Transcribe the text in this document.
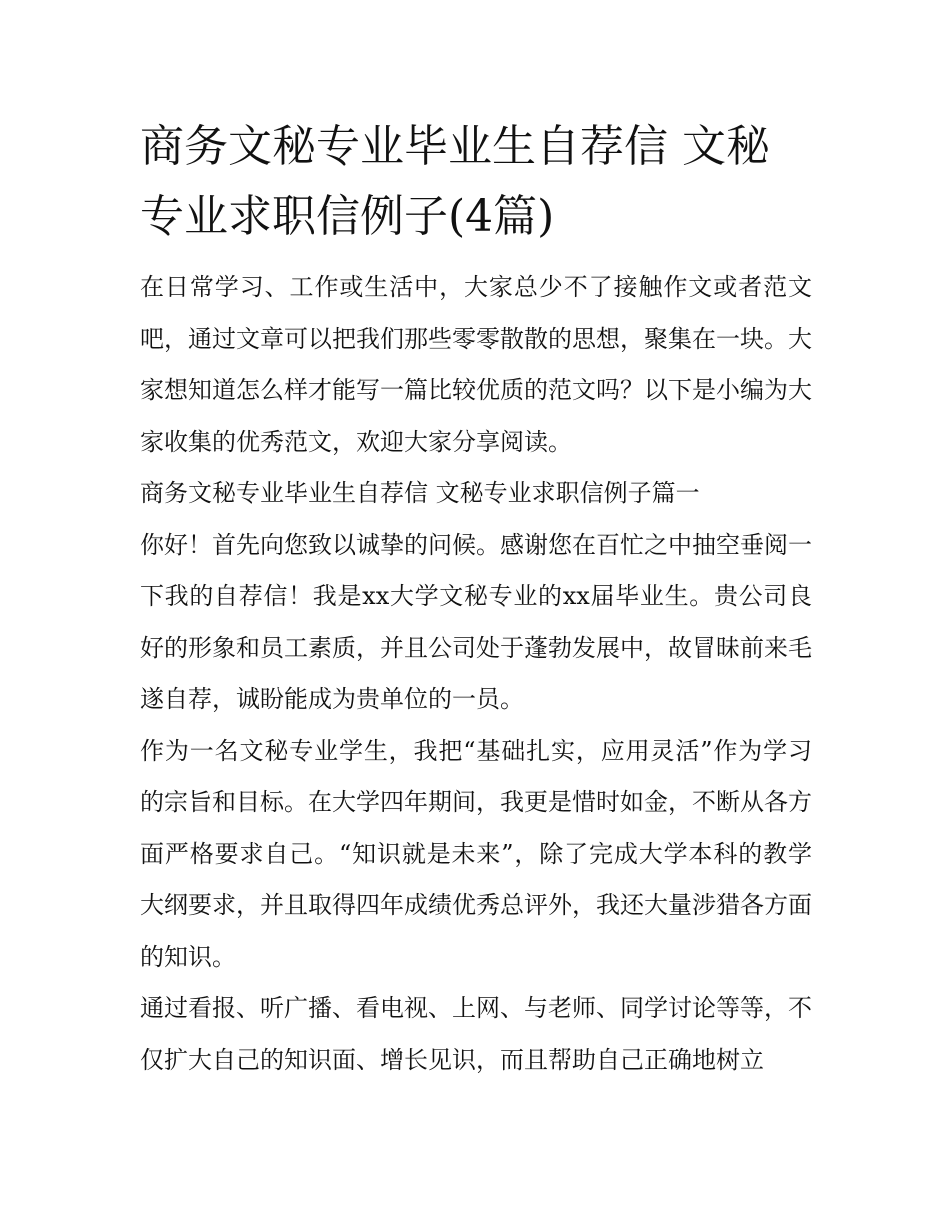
商务文秘专业毕业生自荐信 文秘专业求职信例子(4篇)

在日常学习、工作或生活中，大家总少不了接触作文或者范文吧，通过文章可以把我们那些零零散散的思想，聚集在一块。大家想知道怎么样才能写一篇比较优质的范文吗？以下是小编为大家收集的优秀范文，欢迎大家分享阅读。

商务文秘专业毕业生自荐信 文秘专业求职信例子篇一

你好！首先向您致以诚挚的问候。感谢您在百忙之中抽空垂阅一下我的自荐信！我是xx大学文秘专业的xx届毕业生。贵公司良好的形象和员工素质，并且公司处于蓬勃发展中，故冒昧前来毛遂自荐，诚盼能成为贵单位的一员。

作为一名文秘专业学生，我把“基础扎实，应用灵活”作为学习的宗旨和目标。在大学四年期间，我更是惜时如金，不断从各方面严格要求自己。“知识就是未来”，除了完成大学本科的教学大纲要求，并且取得四年成绩优秀总评外，我还大量涉猎各方面的知识。

通过看报、听广播、看电视、上网、与老师、同学讨论等等，不仅扩大自己的知识面、增长见识，而且帮助自己正确地树立
